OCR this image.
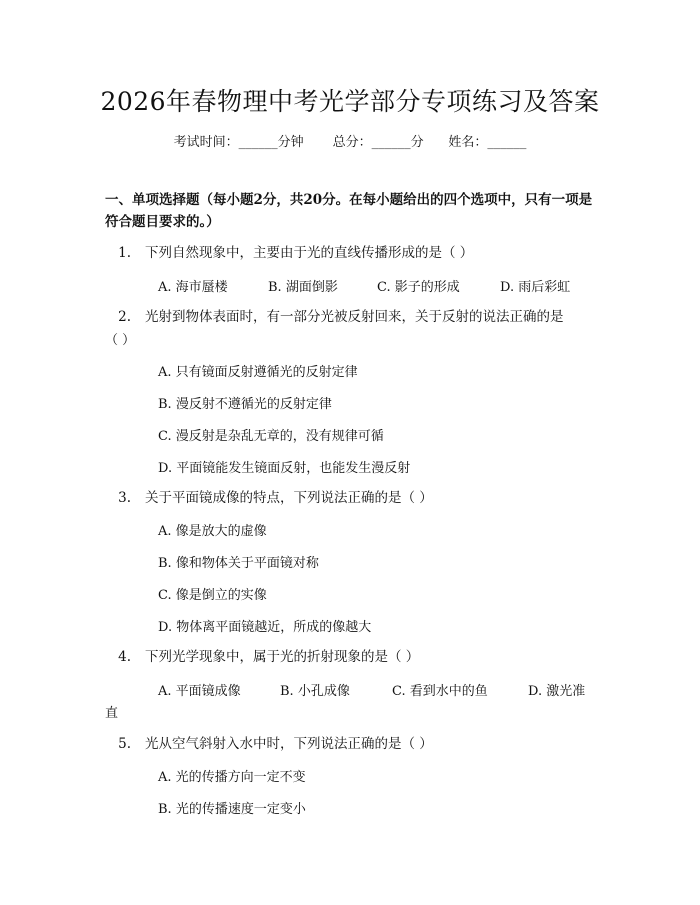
2026年春物理中考光学部分专项练习及答案
考试时间：______分钟 总分：______分 姓名：______
一、单项选择题（每小题2分，共20分。在每小题给出的四个选项中，只有一项是符合题目要求的。）
1. 下列自然现象中，主要由于光的直线传播形成的是（ ）
A. 海市蜃楼	B. 湖面倒影	C. 影子的形成	D. 雨后彩虹
2. 光射到物体表面时，有一部分光被反射回来，关于反射的说法正确的是
（ ）
A. 只有镜面反射遵循光的反射定律
B. 漫反射不遵循光的反射定律
C. 漫反射是杂乱无章的，没有规律可循
D. 平面镜能发生镜面反射，也能发生漫反射
3. 关于平面镜成像的特点，下列说法正确的是（ ）
A. 像是放大的虚像
B. 像和物体关于平面镜对称
C. 像是倒立的实像
D. 物体离平面镜越近，所成的像越大
4. 下列光学现象中，属于光的折射现象的是（ ）
A. 平面镜成像	B. 小孔成像	C. 看到水中的鱼	D. 激光准
直
5. 光从空气斜射入水中时，下列说法正确的是（ ）
A. 光的传播方向一定不变
B. 光的传播速度一定变小
